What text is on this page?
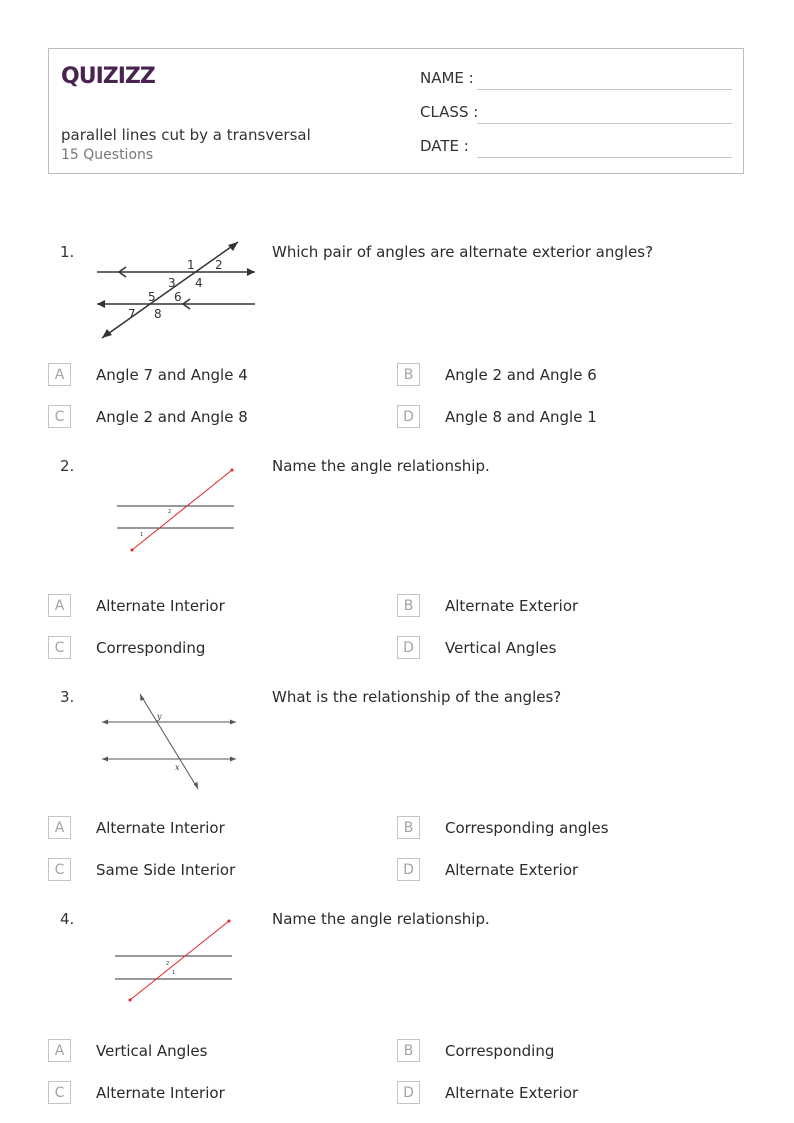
QUIZIZZ
parallel lines cut by a transversal
15 Questions
NAME :
CLASS :
DATE :
1.	Which pair of angles are alternate exterior angles?
1 2
3 4
5 6
7 8
A	Angle 7 and Angle 4	B	Angle 2 and Angle 6
C	Angle 2 and Angle 8	D	Angle 8 and Angle 1
2.	Name the angle relationship.
2
1
A	Alternate Interior	B	Alternate Exterior
C	Corresponding	D	Vertical Angles
3.	What is the relationship of the angles?
y
x
A	Alternate Interior	B	Corresponding angles
C	Same Side Interior	D	Alternate Exterior
4.	Name the angle relationship.
2
1
A	Vertical Angles	B	Corresponding
C	Alternate Interior	D	Alternate Exterior
